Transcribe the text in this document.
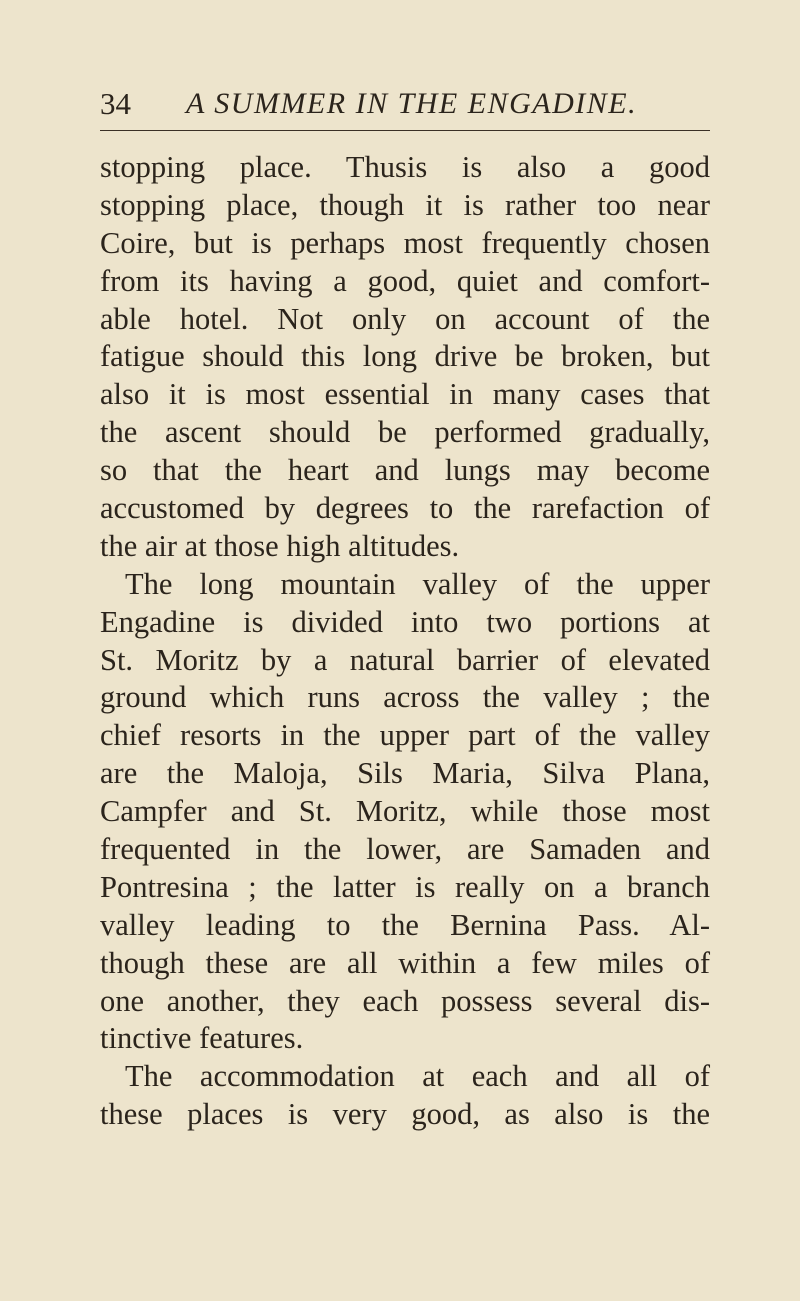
34 A SUMMER IN THE ENGADINE.
stopping place. Thusis is also a good
stopping place, though it is rather too near
Coire, but is perhaps most frequently chosen
from its having a good, quiet and comfort-
able hotel. Not only on account of the
fatigue should this long drive be broken, but
also it is most essential in many cases that
the ascent should be performed gradually,
so that the heart and lungs may become
accustomed by degrees to the rarefaction of
the air at those high altitudes.
The long mountain valley of the upper
Engadine is divided into two portions at
St. Moritz by a natural barrier of elevated
ground which runs across the valley ; the
chief resorts in the upper part of the valley
are the Maloja, Sils Maria, Silva Plana,
Campfer and St. Moritz, while those most
frequented in the lower, are Samaden and
Pontresina ; the latter is really on a branch
valley leading to the Bernina Pass. Al-
though these are all within a few miles of
one another, they each possess several dis-
tinctive features.
The accommodation at each and all of
these places is very good, as also is the
